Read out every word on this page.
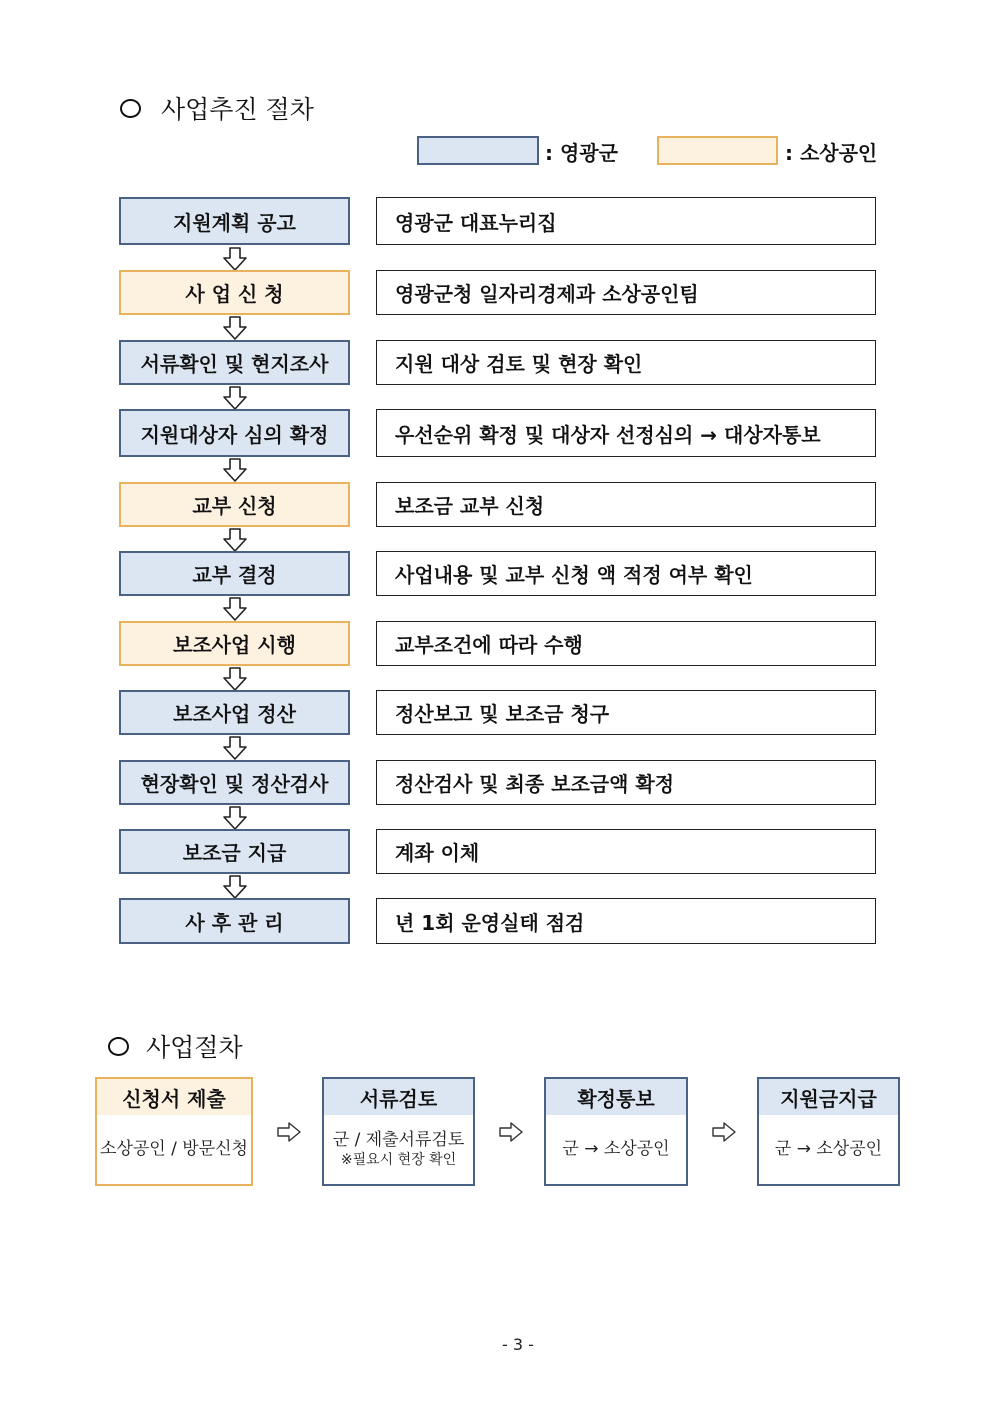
사업추진 절차
: 영광군	: 소상공인
지원계획 공고	영광군 대표누리집
사 업 신 청	영광군청 일자리경제과 소상공인팀
서류확인 및 현지조사	지원 대상 검토 및 현장 확인
지원대상자 심의 확정	우선순위 확정 및 대상자 선정심의 → 대상자통보
교부 신청	보조금 교부 신청
교부 결정	사업내용 및 교부 신청 액 적정 여부 확인
보조사업 시행	교부조건에 따라 수행
보조사업 정산	정산보고 및 보조금 청구
현장확인 및 정산검사	정산검사 및 최종 보조금액 확정
보조금 지급	계좌 이체
사 후 관 리	년 1회 운영실태 점검
사업절차
신청서 제출
소상공인 / 방문신청
서류검토
군 / 제출서류검토
※필요시 현장 확인
확정통보
군 → 소상공인
지원금지급
군 → 소상공인
- 3 -
